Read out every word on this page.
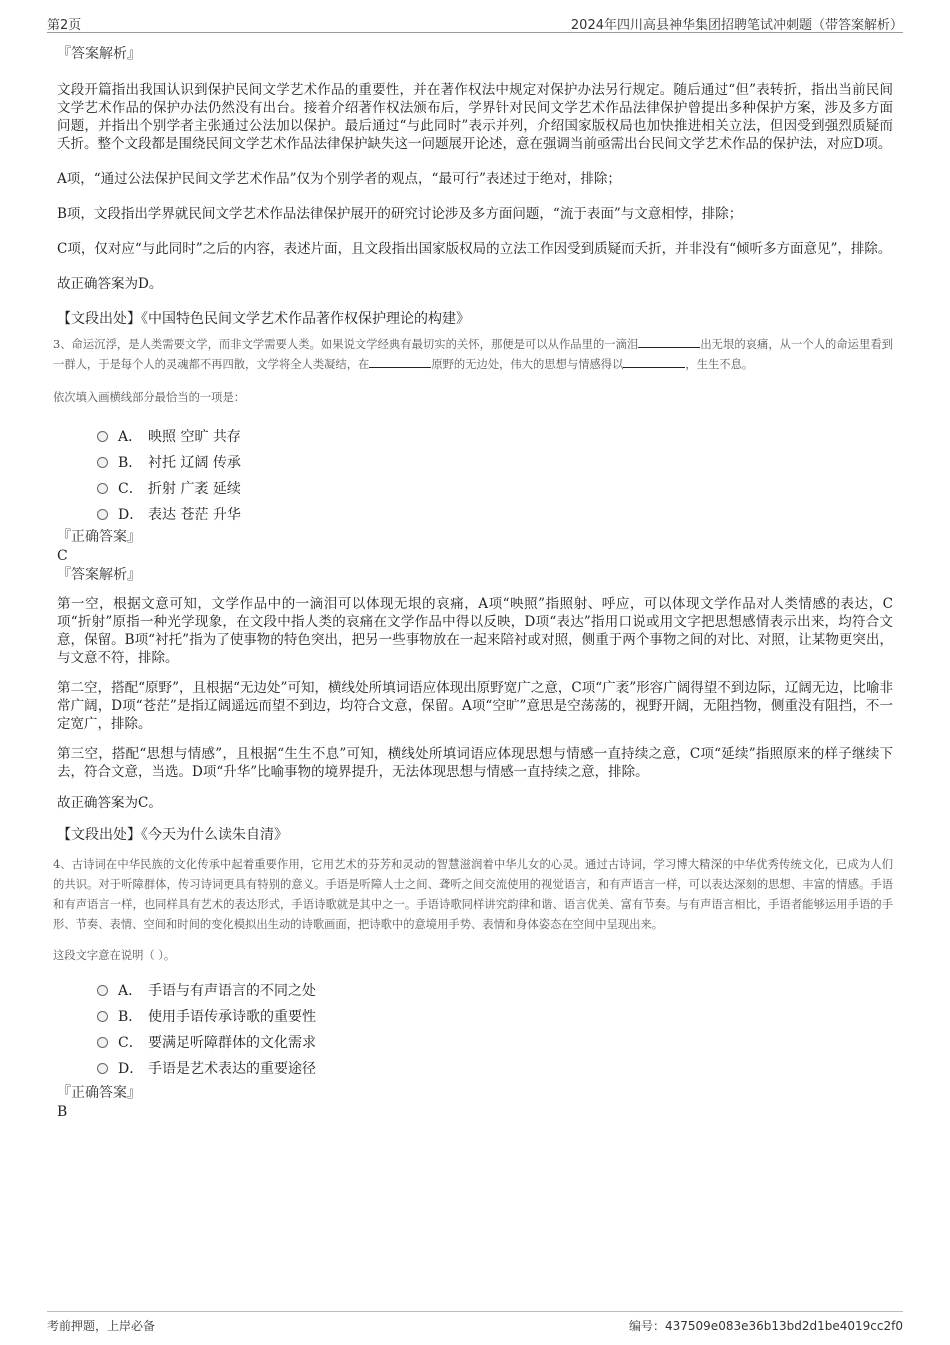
第2页	2024年四川高县神华集团招聘笔试冲刺题（带答案解析）

『答案解析』

文段开篇指出我国认识到保护民间文学艺术作品的重要性，并在著作权法中规定对保护办法另行规定。随后通过“但”表转折，指出当前民间文学艺术作品的保护办法仍然没有出台。接着介绍著作权法颁布后，学界针对民间文学艺术作品法律保护曾提出多种保护方案，涉及多方面问题，并指出个别学者主张通过公法加以保护。最后通过“与此同时”表示并列，介绍国家版权局也加快推进相关立法，但因受到强烈质疑而夭折。整个文段都是围绕民间文学艺术作品法律保护缺失这一问题展开论述，意在强调当前亟需出台民间文学艺术作品的保护法，对应D项。

A项，“通过公法保护民间文学艺术作品”仅为个别学者的观点，“最可行”表述过于绝对，排除；

B项，文段指出学界就民间文学艺术作品法律保护展开的研究讨论涉及多方面问题，“流于表面”与文意相悖，排除；

C项，仅对应“与此同时”之后的内容，表述片面，且文段指出国家版权局的立法工作因受到质疑而夭折，并非没有“倾听多方面意见”，排除。

故正确答案为D。

【文段出处】《中国特色民间文学艺术作品著作权保护理论的构建》

3、命运沉浮，是人类需要文学，而非文学需要人类。如果说文学经典有最切实的关怀，那便是可以从作品里的一滴泪	出无垠的哀痛，从一个人的命运里看到一群人，于是每个人的灵魂都不再四散，文学将全人类凝结，在	原野的无边处，伟大的思想与情感得以	，生生不息。

依次填入画横线部分最恰当的一项是：

A． 映照 空旷 共存
B． 衬托 辽阔 传承
C． 折射 广袤 延续
D． 表达 苍茫 升华

『正确答案』

C

『答案解析』

第一空，根据文意可知，文学作品中的一滴泪可以体现无垠的哀痛，A项“映照”指照射、呼应，可以体现文学作品对人类情感的表达，C项“折射”原指一种光学现象，在文段中指人类的哀痛在文学作品中得以反映，D项“表达”指用口说或用文字把思想感情表示出来，均符合文意，保留。B项“衬托”指为了使事物的特色突出，把另一些事物放在一起来陪衬或对照，侧重于两个事物之间的对比、对照，让某物更突出，与文意不符，排除。

第二空，搭配“原野”，且根据“无边处”可知，横线处所填词语应体现出原野宽广之意，C项“广袤”形容广阔得望不到边际，辽阔无边，比喻非常广阔，D项“苍茫”是指辽阔遥远而望不到边，均符合文意，保留。A项“空旷”意思是空荡荡的，视野开阔，无阻挡物，侧重没有阻挡，不一定宽广，排除。

第三空，搭配“思想与情感”，且根据“生生不息”可知，横线处所填词语应体现思想与情感一直持续之意，C项“延续”指照原来的样子继续下去，符合文意，当选。D项“升华”比喻事物的境界提升，无法体现思想与情感一直持续之意，排除。

故正确答案为C。

【文段出处】《今天为什么读朱自清》

4、古诗词在中华民族的文化传承中起着重要作用，它用艺术的芬芳和灵动的智慧滋润着中华儿女的心灵。通过古诗词，学习博大精深的中华优秀传统文化，已成为人们的共识。对于听障群体，传习诗词更具有特别的意义。手语是听障人士之间、聋听之间交流使用的视觉语言，和有声语言一样，可以表达深刻的思想、丰富的情感。手语和有声语言一样，也同样具有艺术的表达形式，手语诗歌就是其中之一。手语诗歌同样讲究韵律和谐、语言优美、富有节奏。与有声语言相比，手语者能够运用手语的手形、节奏、表情、空间和时间的变化模拟出生动的诗歌画面，把诗歌中的意境用手势、表情和身体姿态在空间中呈现出来。

这段文字意在说明（ ）。

A． 手语与有声语言的不同之处
B． 使用手语传承诗歌的重要性
C． 要满足听障群体的文化需求
D． 手语是艺术表达的重要途径

『正确答案』

B

考前押题，上岸必备	编号：437509e083e36b13bd2d1be4019cc2f0
